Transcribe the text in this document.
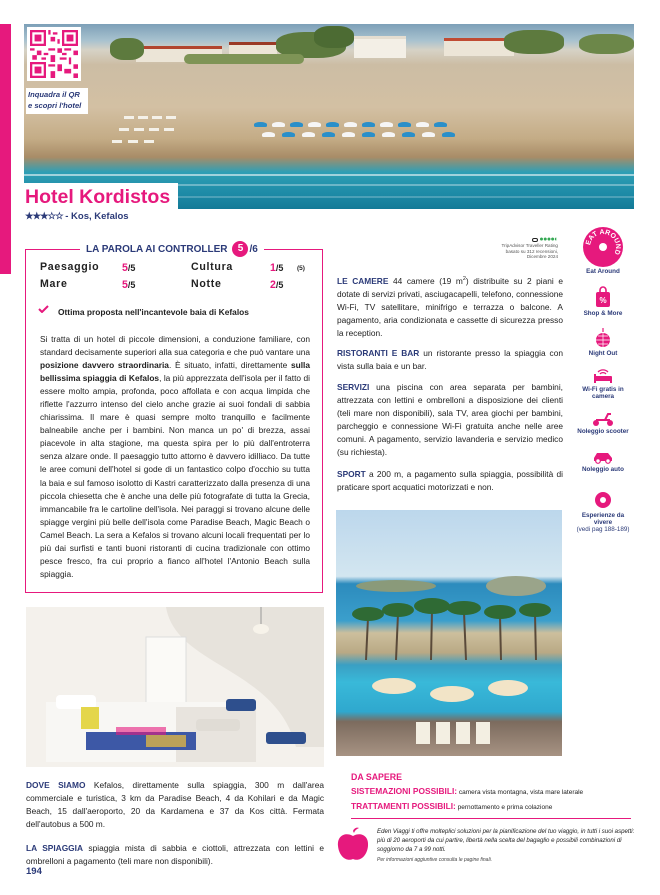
Inquadra il QR e scopri l'hotel
Hotel Kordistos
★★★☆☆ - Kos, Kefalos
LA PAROLA AI CONTROLLER	5 /6
Paesaggio 5/5	Cultura	1/5 (5)
Mare	5/5	Notte	2/5
Ottima proposta nell'incantevole baia di Kefalos
Si tratta di un hotel di piccole dimensioni, a conduzione familiare, con standard decisamente superiori alla sua categoria e che può vantare una posizione davvero straordinaria. È situato, infatti, direttamente sulla bellissima spiaggia di Kefalos, la più apprezzata dell'isola per il fatto di essere molto ampia, profonda, poco affollata e con acqua limpida che riflette l'azzurro intenso del cielo anche grazie ai suoi fondali di sabbia chiarissima. Il mare è quasi sempre molto tranquillo e facilmente balneabile anche per i bambini. Non manca un po' di brezza, assai piacevole in alta stagione, ma questa spira per lo più dall'entroterra senza alzare onde. Il paesaggio tutto attorno è davvero idilliaco. Da tutte le aree comuni dell'hotel si gode di un fantastico colpo d'occhio su tutta la baia e sul famoso isolotto di Kastri caratterizzato dalla presenza di una piccola chiesetta che è anche una delle più fotografate di tutta la Grecia, immancabile fra le cartoline dell'isola. Nei paraggi si trovano alcune delle spiagge vergini più belle dell'isola come Paradise Beach, Magic Beach o Camel Beach. La sera a Kefalos si trovano alcuni locali frequentati per lo più dai surfisti e tanti buoni ristoranti di cucina tradizionale con ottimo pesce fresco, fra cui proprio a fianco all'hotel l'Antonio Beach sulla spiaggia.
●●●●◐
TripAdvisor Traveller Rating
basato su 312 recensioni, Dicembre 2024
LE CAMERE 44 camere (19 $m^2$) distribuite su 2 piani e dotate di servizi privati, asciugacapelli, telefono, connessione Wi-Fi, TV satellitare, minifrigo e terrazza o balcone. A pagamento, aria condizionata e cassette di sicurezza presso la reception.
RISTORANTI E BAR un ristorante presso la spiaggia con vista sulla baia e un bar.
SERVIZI una piscina con area separata per bambini, attrezzata con lettini e ombrelloni a disposizione dei clienti (teli mare non disponibili), sala TV, area giochi per bambini, parcheggio e connessione Wi-Fi gratuita anche nelle aree comuni. A pagamento, servizio lavanderia e servizio medico (su richiesta).
SPORT a 200 m, a pagamento sulla spiaggia, possibilità di praticare sport acquatici motorizzati e non.
EAT AROUND
Eat Around
%
Shop & More
Night Out
Wi-Fi gratis in camera
Noleggio scooter
Noleggio auto
Esperienze da vivere
(vedi pag 188-189)
DOVE SIAMO Kefalos, direttamente sulla spiaggia, 300 m dall'area commerciale e turistica, 3 km da Paradise Beach, 4 da Kohilari e da Magic Beach, 15 dall'aeroporto, 20 da Kardamena e 37 da Kos città. Fermata dell'autobus a 500 m.
LA SPIAGGIA spiaggia mista di sabbia e ciottoli, attrezzata con lettini e ombrelloni a pagamento (teli mare non disponibili).
DA SAPERE
SISTEMAZIONI POSSIBILI: camera vista montagna, vista mare laterale
TRATTAMENTI POSSIBILI: pernottamento e prima colazione
Eden Viaggi ti offre molteplici soluzioni per la pianificazione del tuo viaggio, in tutti i suoi aspetti: più di 20 aeroporti da cui partire, libertà nella scelta del bagaglio e possibili combinazioni di soggiorno da 7 a 99 notti.
Per informazioni aggiuntive consulta le pagine finali.
194
